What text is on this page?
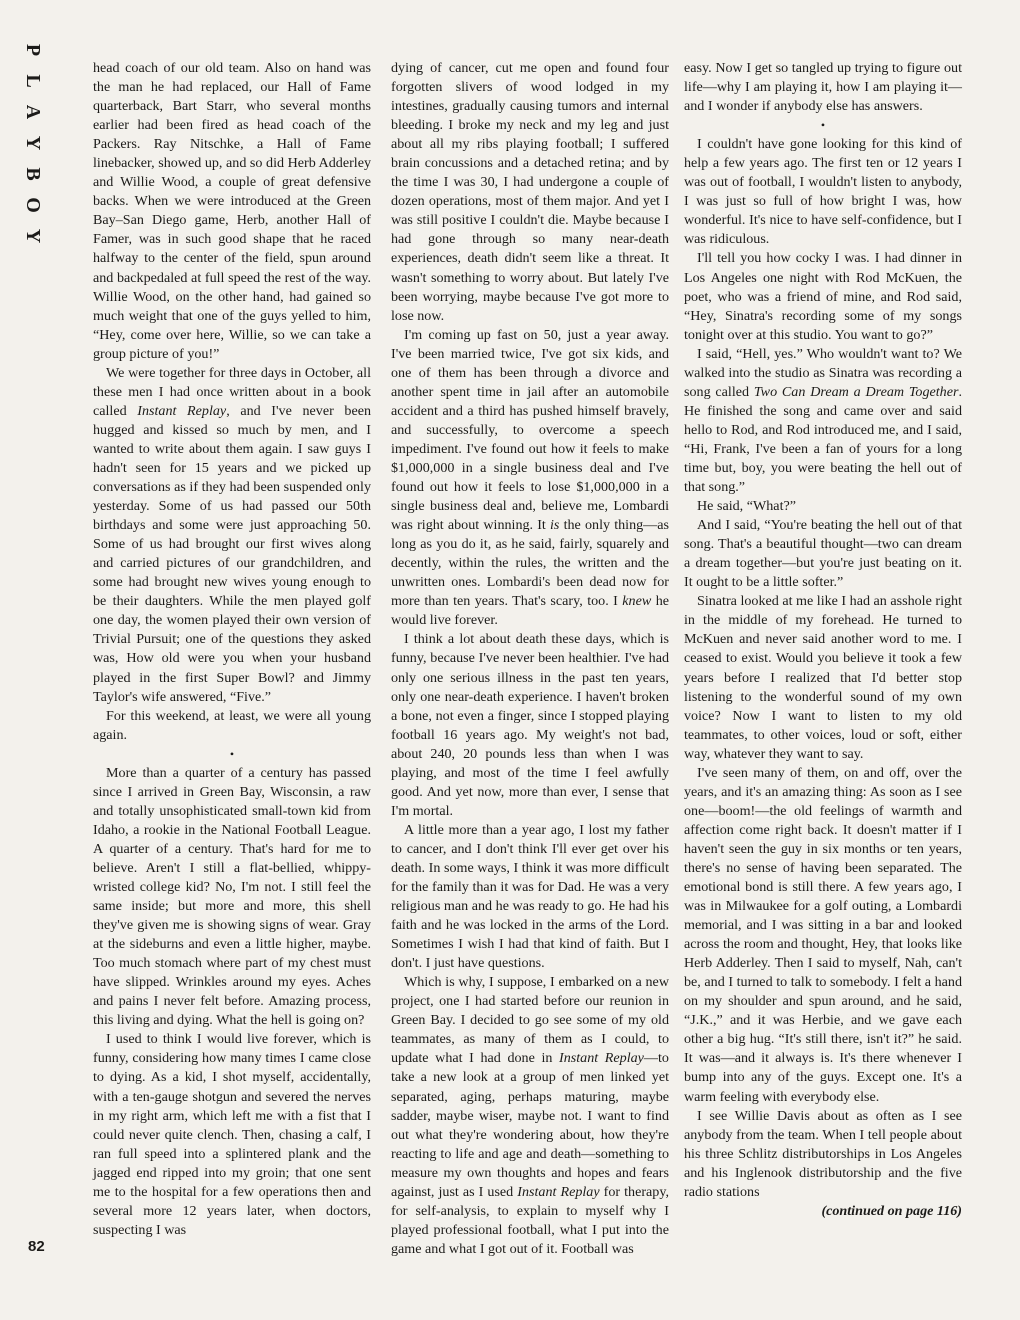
P
L
A
Y
B
O
Y
82

head coach of our old team. Also on hand was the man he had replaced, our Hall of Fame quarterback, Bart Starr, who several months earlier had been fired as head coach of the Packers. Ray Nitschke, a Hall of Fame linebacker, showed up, and so did Herb Adderley and Willie Wood, a couple of great defensive backs. When we were introduced at the Green Bay–San Diego game, Herb, another Hall of Famer, was in such good shape that he raced halfway to the center of the field, spun around and backpedaled at full speed the rest of the way. Willie Wood, on the other hand, had gained so much weight that one of the guys yelled to him, “Hey, come over here, Willie, so we can take a group picture of you!”

We were together for three days in October, all these men I had once written about in a book called Instant Replay, and I've never been hugged and kissed so much by men, and I wanted to write about them again. I saw guys I hadn't seen for 15 years and we picked up conversations as if they had been suspended only yesterday. Some of us had passed our 50th birthdays and some were just approaching 50. Some of us had brought our first wives along and carried pictures of our grandchildren, and some had brought new wives young enough to be their daughters. While the men played golf one day, the women played their own version of Trivial Pursuit; one of the questions they asked was, How old were you when your husband played in the first Super Bowl? and Jimmy Taylor's wife answered, “Five.”

For this weekend, at least, we were all young again.

•

More than a quarter of a century has passed since I arrived in Green Bay, Wisconsin, a raw and totally unsophisticated small-town kid from Idaho, a rookie in the National Football League. A quarter of a century. That's hard for me to believe. Aren't I still a flat-bellied, whippy-wristed college kid? No, I'm not. I still feel the same inside; but more and more, this shell they've given me is showing signs of wear. Gray at the sideburns and even a little higher, maybe. Too much stomach where part of my chest must have slipped. Wrinkles around my eyes. Aches and pains I never felt before. Amazing process, this living and dying. What the hell is going on?

I used to think I would live forever, which is funny, considering how many times I came close to dying. As a kid, I shot myself, accidentally, with a ten-gauge shotgun and severed the nerves in my right arm, which left me with a fist that I could never quite clench. Then, chasing a calf, I ran full speed into a splintered plank and the jagged end ripped into my groin; that one sent me to the hospital for a few operations then and several more 12 years later, when doctors, suspecting I was

dying of cancer, cut me open and found four forgotten slivers of wood lodged in my intestines, gradually causing tumors and internal bleeding. I broke my neck and my leg and just about all my ribs playing football; I suffered brain concussions and a detached retina; and by the time I was 30, I had undergone a couple of dozen operations, most of them major. And yet I was still positive I couldn't die. Maybe because I had gone through so many near-death experiences, death didn't seem like a threat. It wasn't something to worry about. But lately I've been worrying, maybe because I've got more to lose now.

I'm coming up fast on 50, just a year away. I've been married twice, I've got six kids, and one of them has been through a divorce and another spent time in jail after an automobile accident and a third has pushed himself bravely, and successfully, to overcome a speech impediment. I've found out how it feels to make $1,000,000 in a single business deal and I've found out how it feels to lose $1,000,000 in a single business deal and, believe me, Lombardi was right about winning. It is the only thing—as long as you do it, as he said, fairly, squarely and decently, within the rules, the written and the unwritten ones. Lombardi's been dead now for more than ten years. That's scary, too. I knew he would live forever.

I think a lot about death these days, which is funny, because I've never been healthier. I've had only one serious illness in the past ten years, only one near-death experience. I haven't broken a bone, not even a finger, since I stopped playing football 16 years ago. My weight's not bad, about 240, 20 pounds less than when I was playing, and most of the time I feel awfully good. And yet now, more than ever, I sense that I'm mortal.

A little more than a year ago, I lost my father to cancer, and I don't think I'll ever get over his death. In some ways, I think it was more difficult for the family than it was for Dad. He was a very religious man and he was ready to go. He had his faith and he was locked in the arms of the Lord. Sometimes I wish I had that kind of faith. But I don't. I just have questions.

Which is why, I suppose, I embarked on a new project, one I had started before our reunion in Green Bay. I decided to go see some of my old teammates, as many of them as I could, to update what I had done in Instant Replay—to take a new look at a group of men linked yet separated, aging, perhaps maturing, maybe sadder, maybe wiser, maybe not. I want to find out what they're wondering about, how they're reacting to life and age and death—something to measure my own thoughts and hopes and fears against, just as I used Instant Replay for therapy, for self-analysis, to explain to myself why I played professional football, what I put into the game and what I got out of it. Football was

easy. Now I get so tangled up trying to figure out life—why I am playing it, how I am playing it—and I wonder if anybody else has answers.

•

I couldn't have gone looking for this kind of help a few years ago. The first ten or 12 years I was out of football, I wouldn't listen to anybody, I was just so full of how bright I was, how wonderful. It's nice to have self-confidence, but I was ridiculous.

I'll tell you how cocky I was. I had dinner in Los Angeles one night with Rod McKuen, the poet, who was a friend of mine, and Rod said, “Hey, Sinatra's recording some of my songs tonight over at this studio. You want to go?”

I said, “Hell, yes.” Who wouldn't want to? We walked into the studio as Sinatra was recording a song called Two Can Dream a Dream Together. He finished the song and came over and said hello to Rod, and Rod introduced me, and I said, “Hi, Frank, I've been a fan of yours for a long time but, boy, you were beating the hell out of that song.”

He said, “What?”

And I said, “You're beating the hell out of that song. That's a beautiful thought—two can dream a dream together—but you're just beating on it. It ought to be a little softer.”

Sinatra looked at me like I had an asshole right in the middle of my forehead. He turned to McKuen and never said another word to me. I ceased to exist. Would you believe it took a few years before I realized that I'd better stop listening to the wonderful sound of my own voice? Now I want to listen to my old teammates, to other voices, loud or soft, either way, whatever they want to say.

I've seen many of them, on and off, over the years, and it's an amazing thing: As soon as I see one—boom!—the old feelings of warmth and affection come right back. It doesn't matter if I haven't seen the guy in six months or ten years, there's no sense of having been separated. The emotional bond is still there. A few years ago, I was in Milwaukee for a golf outing, a Lombardi memorial, and I was sitting in a bar and looked across the room and thought, Hey, that looks like Herb Adderley. Then I said to myself, Nah, can't be, and I turned to talk to somebody. I felt a hand on my shoulder and spun around, and he said, “J.K.,” and it was Herbie, and we gave each other a big hug. “It's still there, isn't it?” he said. It was—and it always is. It's there whenever I bump into any of the guys. Except one. It's a warm feeling with everybody else.

I see Willie Davis about as often as I see anybody from the team. When I tell people about his three Schlitz distributorships in Los Angeles and his Inglenook distributorship and the five radio stations

(continued on page 116)
